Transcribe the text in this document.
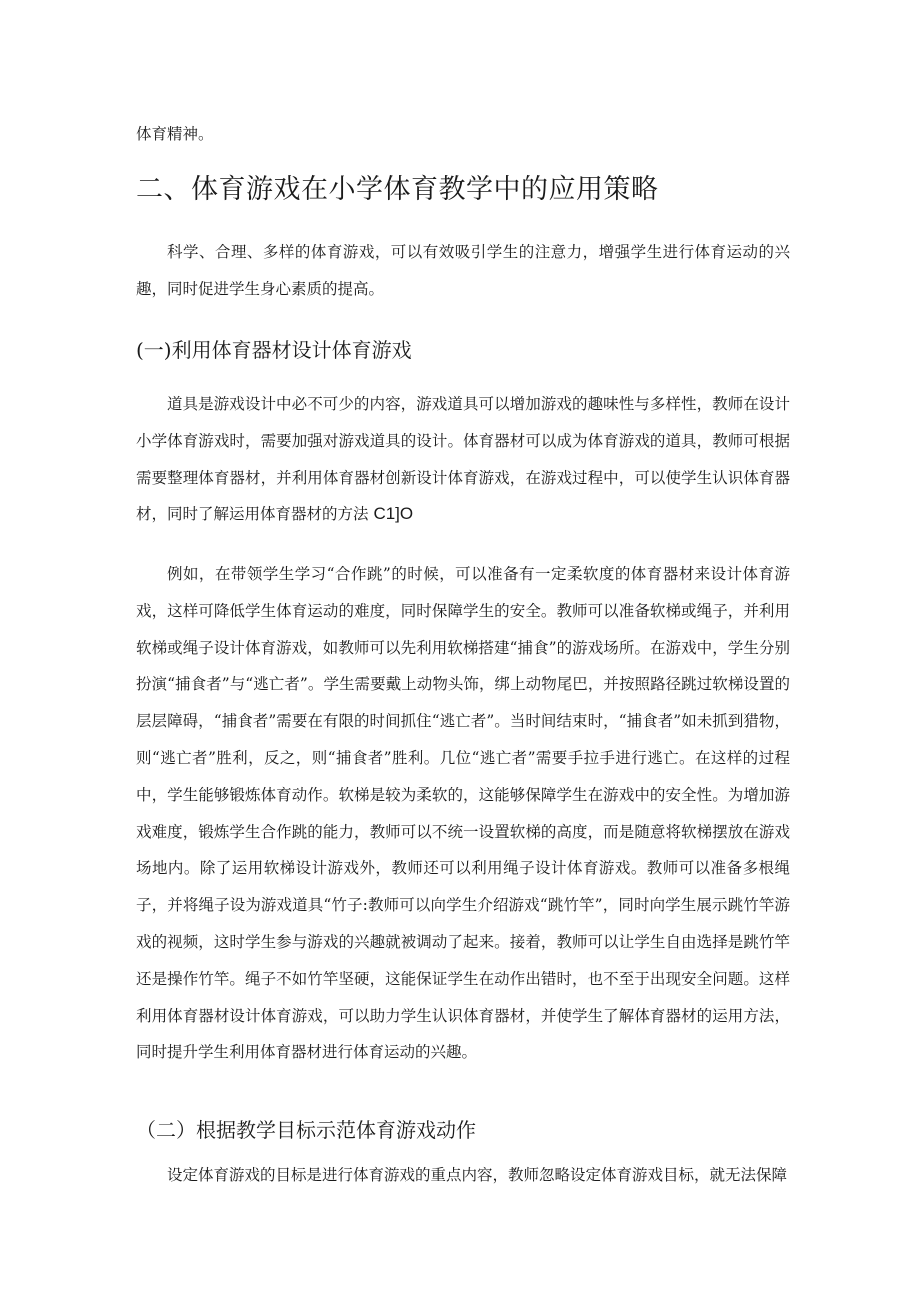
体育精神。
二、体育游戏在小学体育教学中的应用策略
科学、合理、多样的体育游戏，可以有效吸引学生的注意力，增强学生进行体育运动的兴趣，同时促进学生身心素质的提高。
(一)利用体育器材设计体育游戏
道具是游戏设计中必不可少的内容，游戏道具可以增加游戏的趣味性与多样性，教师在设计小学体育游戏时，需要加强对游戏道具的设计。体育器材可以成为体育游戏的道具，教师可根据需要整理体育器材，并利用体育器材创新设计体育游戏，在游戏过程中，可以使学生认识体育器材，同时了解运用体育器材的方法 C1]O
例如，在带领学生学习“合作跳”的时候，可以准备有一定柔软度的体育器材来设计体育游戏，这样可降低学生体育运动的难度，同时保障学生的安全。教师可以准备软梯或绳子，并利用软梯或绳子设计体育游戏，如教师可以先利用软梯搭建“捕食”的游戏场所。在游戏中，学生分别扮演“捕食者”与“逃亡者”。学生需要戴上动物头饰，绑上动物尾巴，并按照路径跳过软梯设置的层层障碍，“捕食者”需要在有限的时间抓住“逃亡者”。当时间结束时，“捕食者”如未抓到猎物，则“逃亡者”胜利，反之，则“捕食者”胜利。几位“逃亡者”需要手拉手进行逃亡。在这样的过程中，学生能够锻炼体育动作。软梯是较为柔软的，这能够保障学生在游戏中的安全性。为增加游戏难度，锻炼学生合作跳的能力，教师可以不统一设置软梯的高度，而是随意将软梯摆放在游戏场地内。除了运用软梯设计游戏外，教师还可以利用绳子设计体育游戏。教师可以准备多根绳子，并将绳子设为游戏道具“竹子:教师可以向学生介绍游戏“跳竹竿”，同时向学生展示跳竹竿游戏的视频，这时学生参与游戏的兴趣就被调动了起来。接着，教师可以让学生自由选择是跳竹竿还是操作竹竿。绳子不如竹竿坚硬，这能保证学生在动作出错时，也不至于出现安全问题。这样利用体育器材设计体育游戏，可以助力学生认识体育器材，并使学生了解体育器材的运用方法，同时提升学生利用体育器材进行体育运动的兴趣。
（二）根据教学目标示范体育游戏动作
设定体育游戏的目标是进行体育游戏的重点内容，教师忽略设定体育游戏目标，就无法保障
